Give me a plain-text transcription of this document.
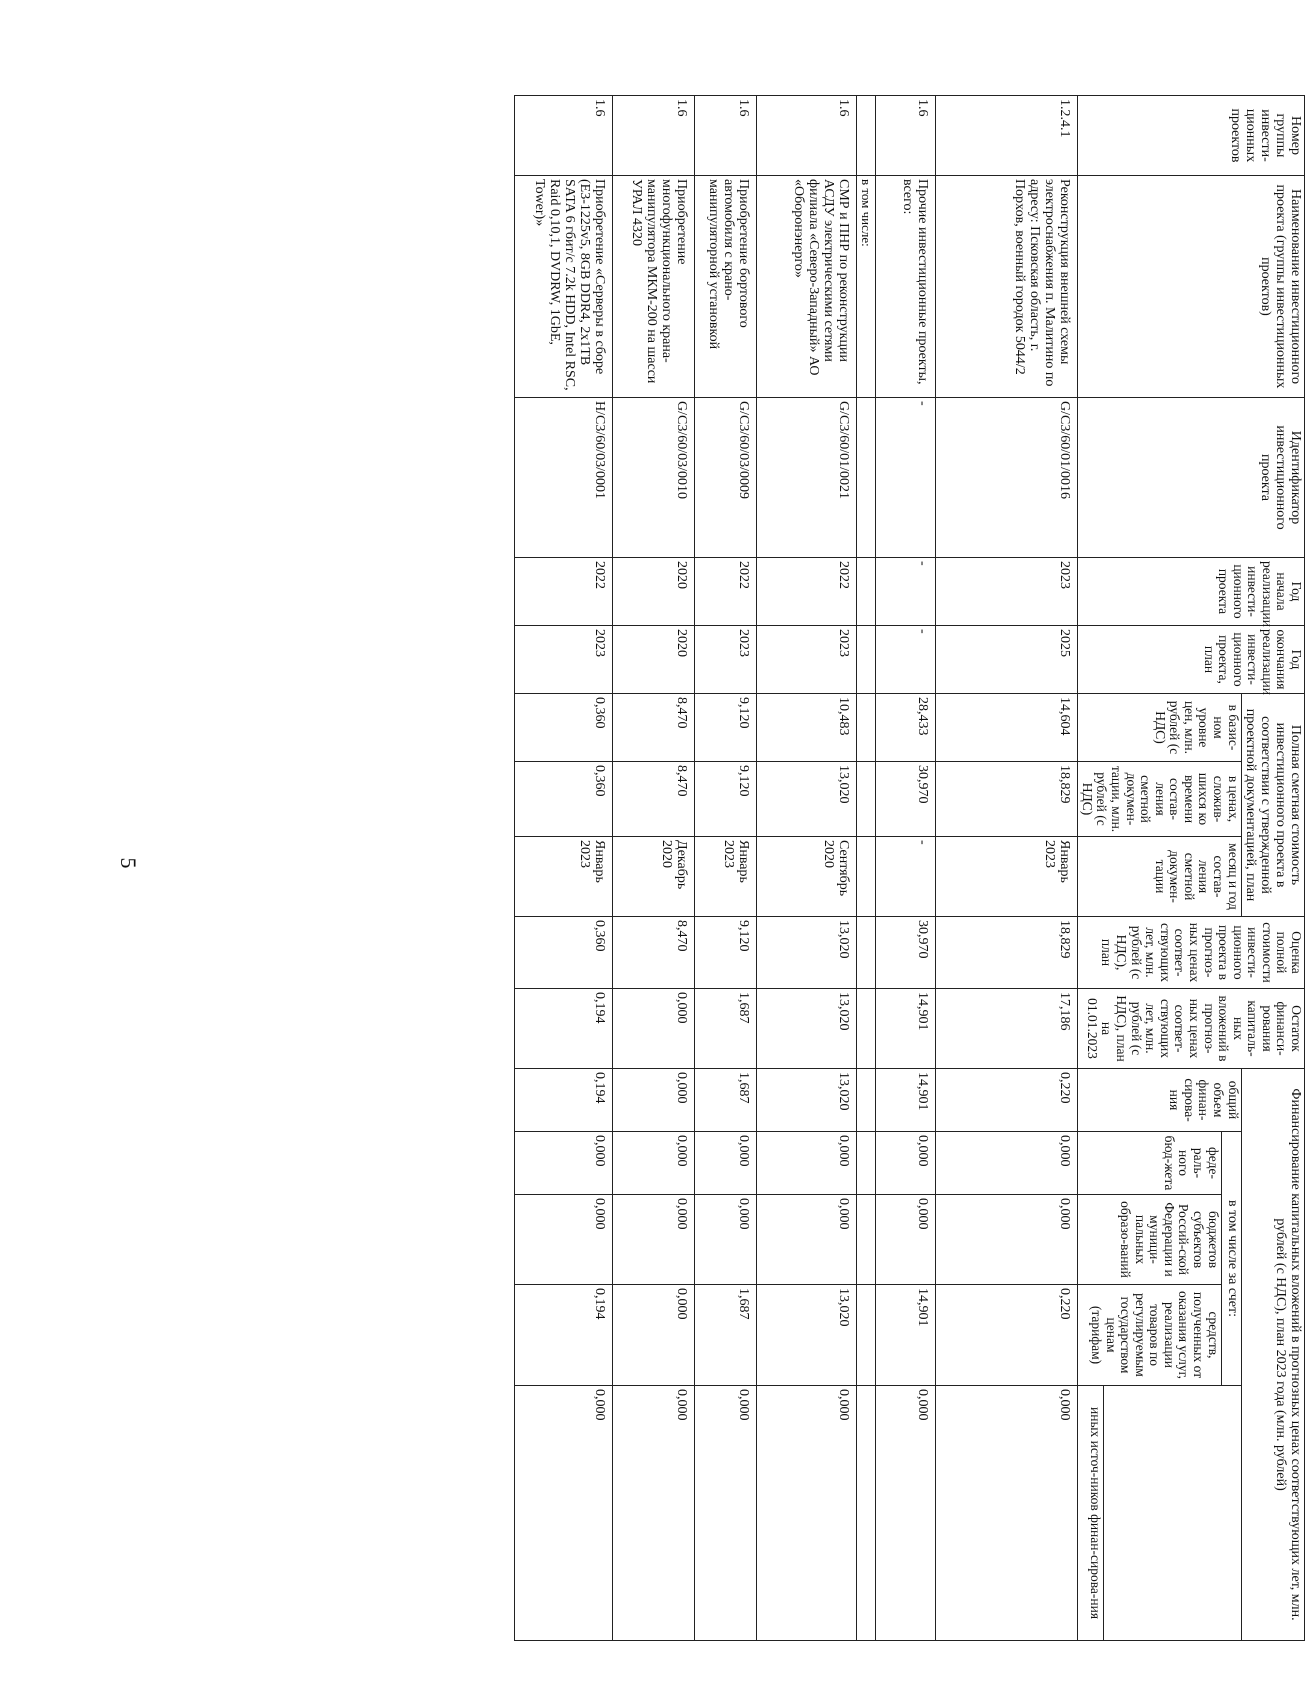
5
Номер группы инвести-ционных проектов	Наименование инвестиционного проекта (группы инвестиционных проектов)	Идентификатор инвестиционного проекта	Год начала реализации инвести-ционного проекта	Год окончания реализации инвести-ционного проекта, план	Полная сметная стоимость инвестиционного проекта в соответствии с утвержденной проектной документацией, план			Оценка полной стоимости инвести-ционного проекта в прогноз-ных ценах соответ-ствующих лет, млн. рублей (с НДС), план	Остаток финанси-рования капиталь-ных вложений в прогноз-ных ценах соответ-ствующих лет, млн. рублей (с НДС), план на 01.01.2023	Финансирование капитальных вложений в прогнозных ценах соответствующих лет, млн. рублей (с НДС), план 2023 года (млн. рублей)				
					в базис-ном уровне цен, млн. рублей (с НДС)	в ценах, сложив-шихся ко времени состав-ления сметной докумен-тации, млн. рублей (с НДС)	месяц и год состав-ления сметной докумен-тации			общий объем финан-сирова-ния	в том числе за счет:			
											феде-раль-ного бюд-жета	бюджетов субъектов Россий-ской Федерации и муници-пальных образо-ваний	средств, полученных от оказания услуг, реализации товаров по регулируемым государством ценам (тарифам)	
														иных источ-ников финан-сирова-ния
1.2.4.1	Реконструкция внешней схемы электроснабжения п. Малитино по адресу: Псковская область, г. Порхов, военный городок 5044/2	G/С3/60/01/0016	2023	2025	14,604	18,829	Январь 2023	18,829	17,186	0,220	0,000	0,000	0,220	0,000
1.6	Прочие инвестиционные проекты, всего:	-	-	-	28,433	30,970	-	30,970	14,901	14,901	0,000	0,000	14,901	0,000
	в том числе:													
1.6	СМР и ПНР по реконструкции АСДУ электрическими сетями филиала «Северо-Западный» АО «Оборонэнерго»	G/С3/60/01/0021	2022	2023	10,483	13,020	Сентябрь 2020	13,020	13,020	13,020	0,000	0,000	13,020	0,000
1.6	Приобретение бортового автомобиля с крано-манипуляторной установкой	G/С3/60/03/0009	2022	2023	9,120	9,120	Январь 2023	9,120	1,687	1,687	0,000	0,000	1,687	0,000
1.6	Приобретение многофункционального крана-манипулятора МКМ-200 на шасси УРАЛ 4320	G/С3/60/03/0010	2020	2020	8,470	8,470	Декабрь 2020	8,470	0,000	0,000	0,000	0,000	0,000	0,000
1.6	Приобретение «Серверы в сборе (E3-1225v5, 8GB DDR4, 2x1TB SATA 6 гбит/с 7.2k HDD, Intel RSC, Raid 0,10,1, DVDRW, 1GbE, Tower)»	H/С3/60/03/0001	2022	2023	0,360	0,360	Январь 2023	0,360	0,194	0,194	0,000	0,000	0,194	0,000
